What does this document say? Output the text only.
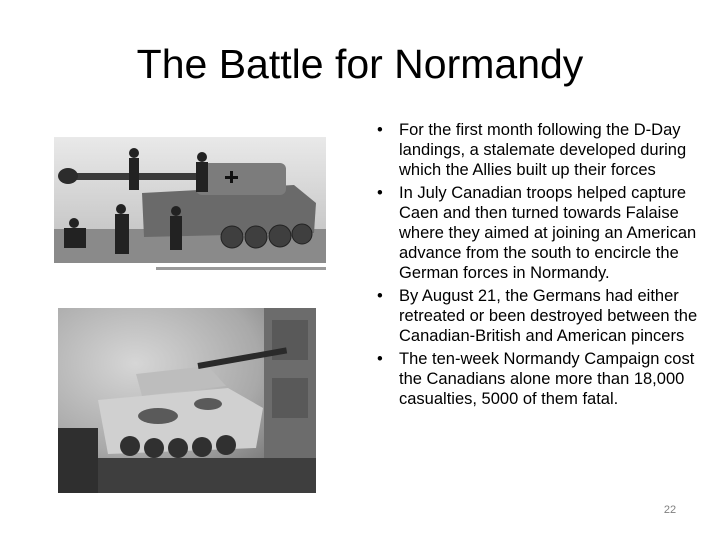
The Battle for Normandy
• For the first month following the D-Day landings, a stalemate developed during which the Allies built up their forces
• In July Canadian troops helped capture Caen and then turned towards Falaise where they aimed at joining an American advance from the south to encircle the German forces in Normandy.
• By August 21, the Germans had either retreated or been destroyed between the Canadian-British and American pincers
• The ten-week Normandy Campaign cost the Canadians alone more than 18,000 casualties, 5000 of them fatal.
22
